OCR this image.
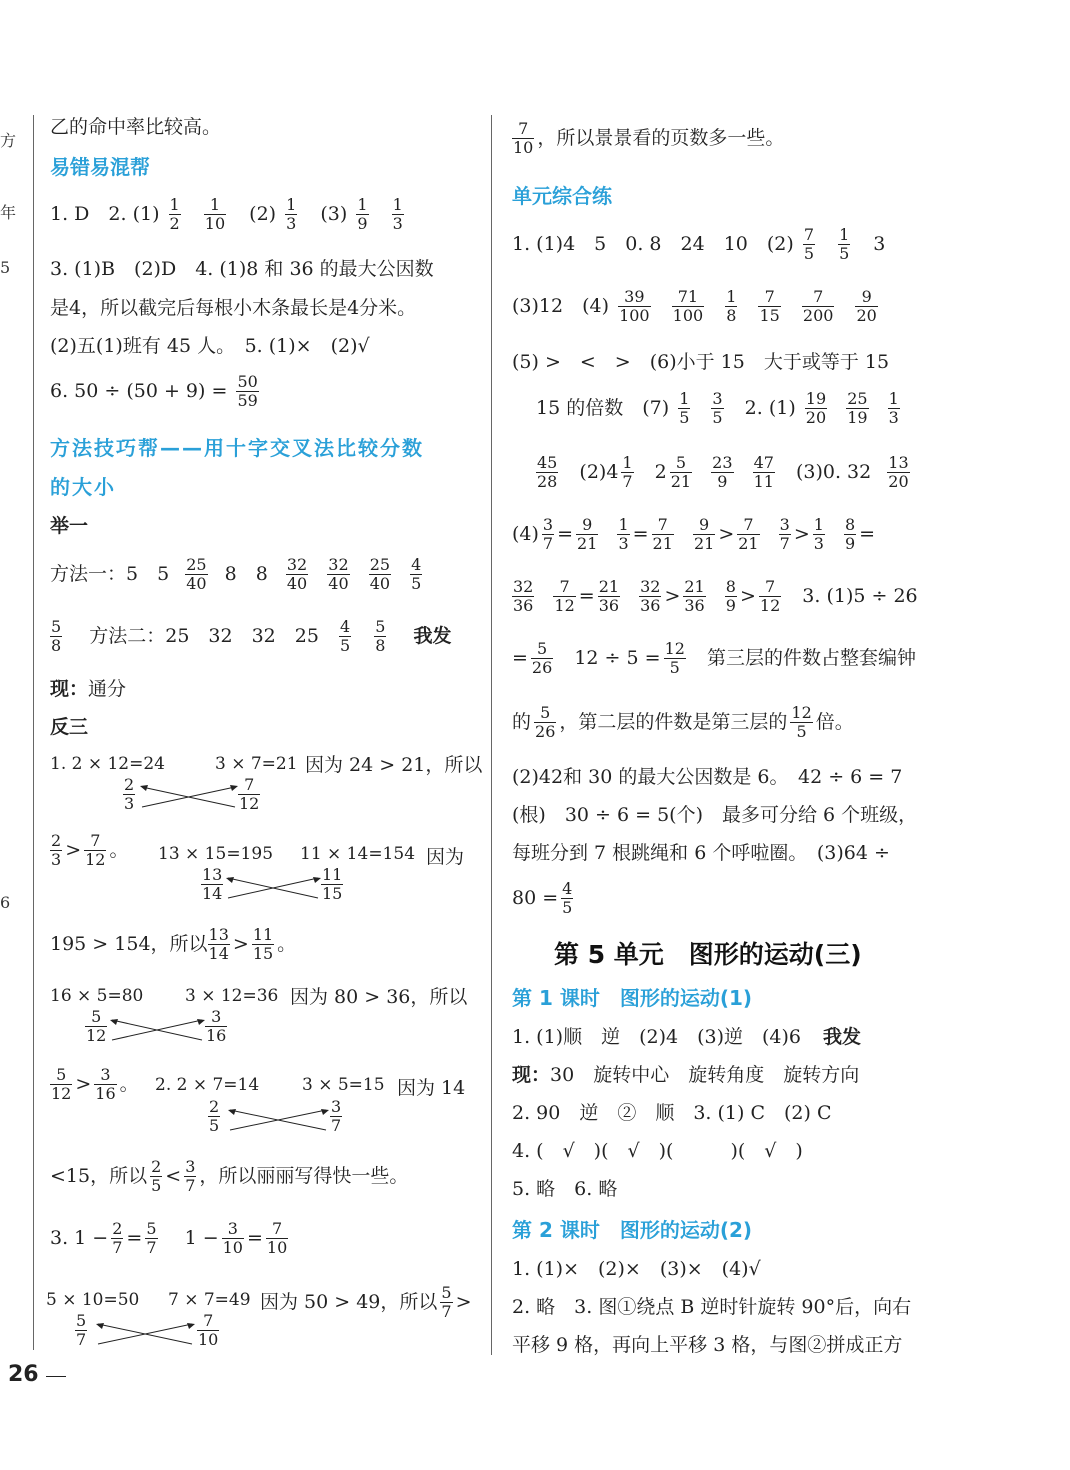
方
年
5
6
乙的命中率比较高。
易错易混帮
1. D　2. $(1) \frac{1}{2}$
$\frac{1}{10} (2) \frac{1}{3} (3) \frac{1}{9}$
$\frac{1}{3}$
3. (1)B　(2)D　4. (1)8 和 36 的最大公因数
是4，所以截完后每根小木条最长是4分米。
(2)五(1)班有 45 人。　5. (1)×　(2)√
6. $50 \div (50 + 9) = \frac{50}{59}$
方法技巧帮——用十字交叉法比较分数
的大小
举一
方法一：5　$5 \frac{25}{40} 8$　$8 \frac{32}{40}$
$\frac{32}{40}$
$\frac{25}{40}$
$\frac{4}{5}$
$\frac{5}{8}$ 方法二：25　32　32　$25 \frac{4}{5}$
$\frac{5}{8}$ 我发
现：通分
反三
1. 2 × 12=24	3 × 7=21 因为 24 > 21，所以
$\frac{2}{3}$	$\frac{7}{12}$
$\frac{2}{3} > \frac{7}{12}$ 。 13 × 15=195 11 × 14=154 因为
$\frac{13}{14}$	$\frac{11}{15}$
195 > 154，所以 $\frac{13}{14} > \frac{11}{15}$ 。
16 × 5=80 3 × 12=36 因为 80 > 36，所以
$\frac{5}{12}$	$\frac{3}{16}$
$\frac{5}{12} > \frac{3}{16}$ 。 2. 2 × 7=14	3 × 5=15 因为 14
$\frac{2}{5}$	$\frac{3}{7}$
<15，所以 $\frac{2}{5} < \frac{3}{7}$ ，所以丽丽写得快一些。
3. $1 - \frac{2}{7} = \frac{5}{7} 1 - \frac{3}{10} = \frac{7}{10}$
5 × 10=50 7 × 7=49 因为 50 > 49，所以 $\frac{5}{7}$ >
$\frac{5}{7}$	$\frac{7}{10}$
$\frac{7}{10}$ ，所以景景看的页数多一些。
单元综合练
1. (1)4　5　0. 8　24　10　$(2) \frac{7}{5}$
$\frac{1}{5} 3$
(3)12　$(4) \frac{39}{100}$
$\frac{71}{100}$
$\frac{1}{8}$
$\frac{7}{15}$
$\frac{7}{200}$
$\frac{9}{20}$
(5) >　<　>　(6)小于 15　大于或等于 15
15 的倍数　$(7) \frac{1}{5}$
$\frac{3}{5} 2$. $(1) \frac{19}{20}$
$\frac{25}{19}$
$\frac{1}{3}$
$\frac{45}{28} (2)4 \frac{1}{7} 2 \frac{5}{21}$
$\frac{23}{9}$
$\frac{47}{11} (3)0$. $32 \frac{13}{20}$
$(4) \frac{3}{7} = \frac{9}{21}$
$\frac{1}{3} = \frac{7}{21}$
$\frac{9}{21} > \frac{7}{21}$
$\frac{3}{7} > \frac{1}{3}$
$\frac{8}{9}$ =
$\frac{32}{36}$
$\frac{7}{12} = \frac{21}{36}$
$\frac{32}{36} > \frac{21}{36}$
$\frac{8}{9} > \frac{7}{12} 3$. (1)5 ÷ 26
= $\frac{5}{26} 12 \div 5 = \frac{12}{5}$ 第三层的件数占整套编钟
的 $\frac{5}{26}$ ，第二层的件数是第三层的 $\frac{12}{5}$ 倍。
(2)42和 30 的最大公因数是 6。　42 ÷ 6 = 7
(根)　30 ÷ 6 = 5(个)　最多可分给 6 个班级，
每班分到 7 根跳绳和 6 个呼啦圈。　(3)64 ÷
$80 = \frac{4}{5}$
第 5 单元　图形的运动(三)
第 1 课时　图形的运动(1)
1. (1)顺　逆　(2)4　(3)逆　(4)6 我发
现：30　旋转中心　旋转角度　旋转方向
2. 90　逆　②　顺　3. (1) C　(2) C
4. (　√　)(　√　)(　　　)(　√　)
5. 略　6. 略
第 2 课时　图形的运动(2)
1. (1)×　(2)×　(3)×　(4)√
2. 略　3. 图①绕点 B 逆时针旋转 90°后，向右
平移 9 格，再向上平移 3 格，与图②拼成正方
26
